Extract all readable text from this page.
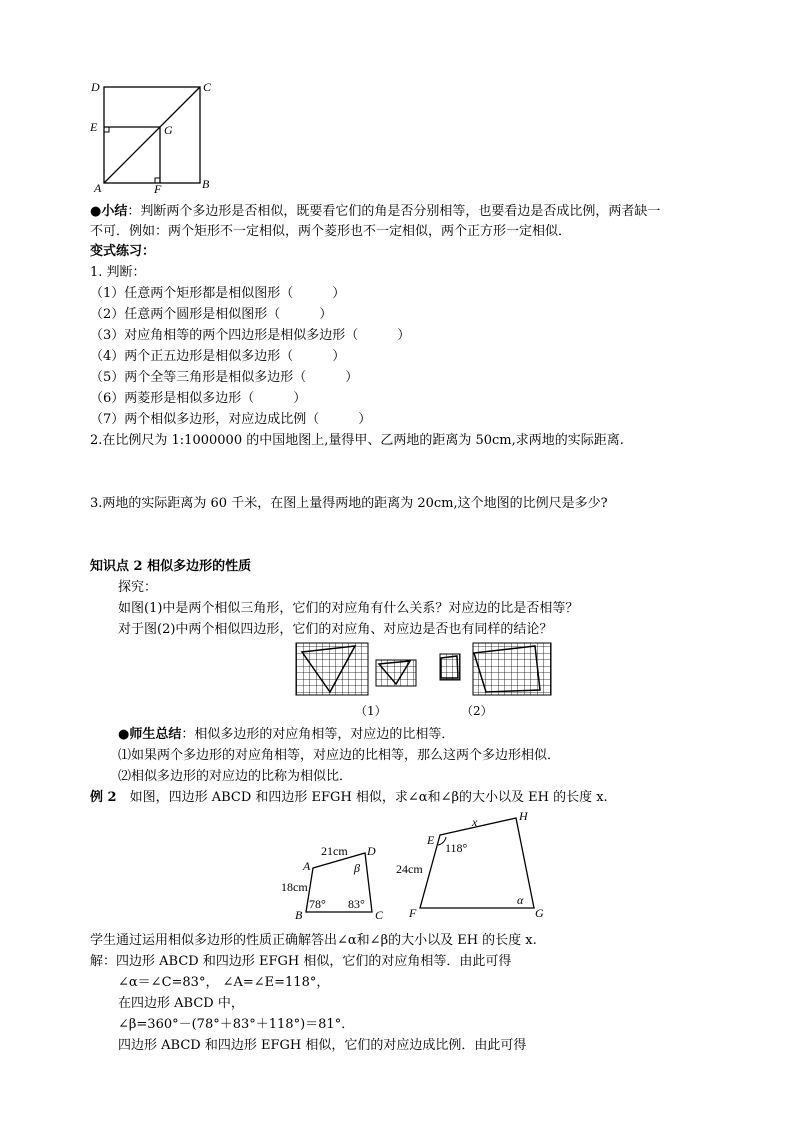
D	C
E	G
A	F	B
●小结：判断两个多边形是否相似，既要看它们的角是否分别相等，也要看边是否成比例，两者缺一
不可．例如：两个矩形不一定相似，两个菱形也不一定相似，两个正方形一定相似．
变式练习：
1. 判断：
（1）任意两个矩形都是相似图形（　　　）
（2）任意两个圆形是相似图形（　　　）
（3）对应角相等的两个四边形是相似多边形（　　　）
（4）两个正五边形是相似多边形（　　　）
（5）两个全等三角形是相似多边形（　　　）
（6）两菱形是相似多边形（　　　）
（7）两个相似多边形，对应边成比例（　　　）
2.在比例尺为 1:1000000 的中国地图上,量得甲、乙两地的距离为 50cm,求两地的实际距离.
3.两地的实际距离为 60 千米，在图上量得两地的距离为 20cm,这个地图的比例尺是多少?
知识点 2 相似多边形的性质
探究：
如图(1)中是两个相似三角形，它们的对应角有什么关系？对应边的比是否相等？
对于图(2)中两个相似四边形，它们的对应角、对应边是否也有同样的结论？
（1）	（2）
●师生总结：相似多边形的对应角相等，对应边的比相等．
⑴如果两个多边形的对应角相等，对应边的比相等，那么这两个多边形相似．
⑵相似多边形的对应边的比称为相似比．
例 2　 如图，四边形 ABCD 和四边形 EFGH 相似，求∠α和∠β的大小以及 EH 的长度 x.
21cm
18cm
78° 83°
β
A
B	C
D	118°
24cm
x
α
E
F	G
H
学生通过运用相似多边形的性质正确解答出∠α和∠β的大小以及 EH 的长度 x.
解：四边形 ABCD 和四边形 EFGH 相似，它们的对应角相等．由此可得
∠α＝∠C=83°， ∠A=∠E=118°，
在四边形 ABCD 中，
∠β=360°－(78°＋83°＋118°)＝81°．
四边形 ABCD 和四边形 EFGH 相似，它们的对应边成比例．由此可得
